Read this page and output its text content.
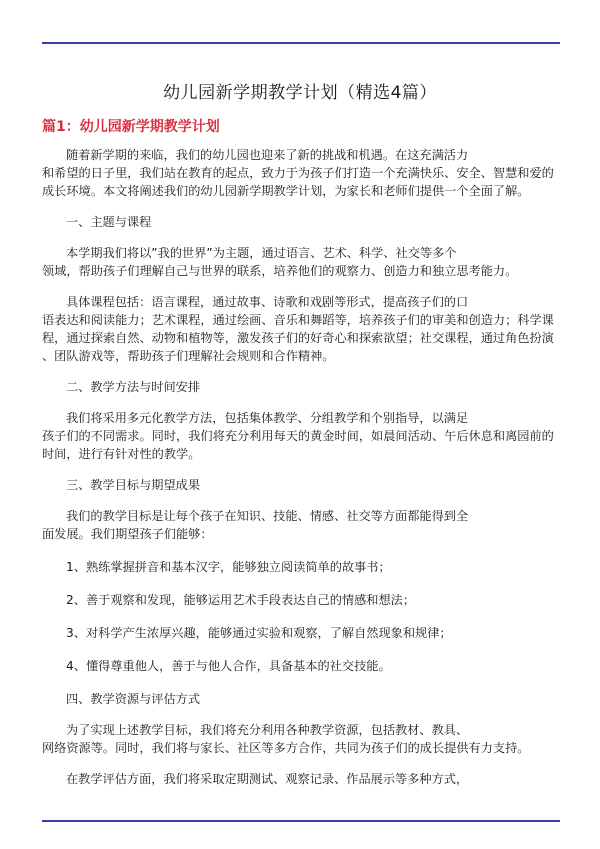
幼儿园新学期教学计划（精选4篇）
篇1：幼儿园新学期教学计划
随着新学期的来临，我们的幼儿园也迎来了新的挑战和机遇。在这充满活力
和希望的日子里，我们站在教育的起点，致力于为孩子们打造一个充满快乐、安全、智慧和爱的
成长环境。本文将阐述我们的幼儿园新学期教学计划，为家长和老师们提供一个全面了解。
一、主题与课程
本学期我们将以”我的世界”为主题，通过语言、艺术、科学、社交等多个
领域，帮助孩子们理解自己与世界的联系，培养他们的观察力、创造力和独立思考能力。
具体课程包括：语言课程，通过故事、诗歌和戏剧等形式，提高孩子们的口
语表达和阅读能力；艺术课程，通过绘画、音乐和舞蹈等，培养孩子们的审美和创造力；科学课
程，通过探索自然、动物和植物等，激发孩子们的好奇心和探索欲望；社交课程，通过角色扮演
、团队游戏等，帮助孩子们理解社会规则和合作精神。
二、教学方法与时间安排
我们将采用多元化教学方法，包括集体教学、分组教学和个别指导，以满足
孩子们的不同需求。同时，我们将充分利用每天的黄金时间，如晨间活动、午后休息和离园前的
时间，进行有针对性的教学。
三、教学目标与期望成果
我们的教学目标是让每个孩子在知识、技能、情感、社交等方面都能得到全
面发展。我们期望孩子们能够：
1、熟练掌握拼音和基本汉字，能够独立阅读简单的故事书；
2、善于观察和发现，能够运用艺术手段表达自己的情感和想法；
3、对科学产生浓厚兴趣，能够通过实验和观察，了解自然现象和规律；
4、懂得尊重他人，善于与他人合作，具备基本的社交技能。
四、教学资源与评估方式
为了实现上述教学目标，我们将充分利用各种教学资源，包括教材、教具、
网络资源等。同时，我们将与家长、社区等多方合作，共同为孩子们的成长提供有力支持。
在教学评估方面，我们将采取定期测试、观察记录、作品展示等多种方式，
